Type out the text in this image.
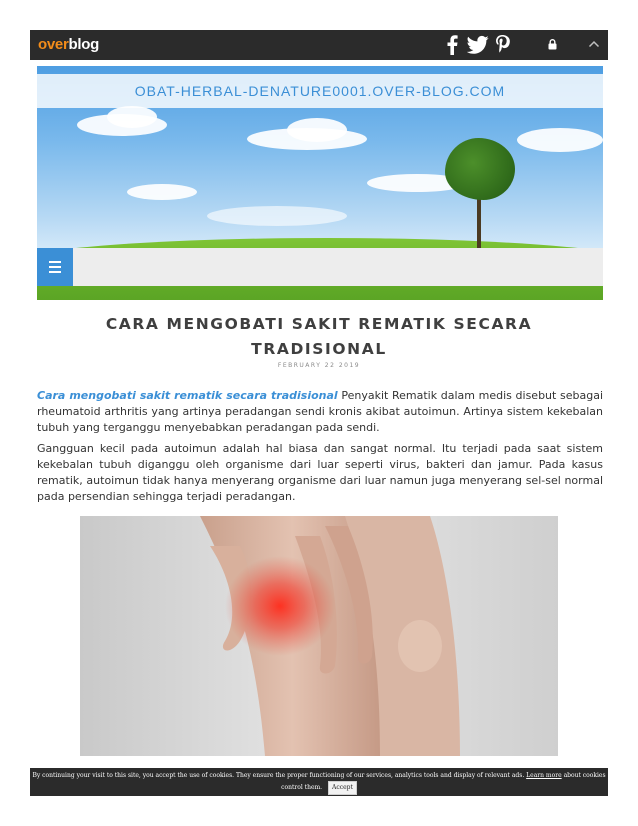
overblog
OBAT-HERBAL-DENATURE0001.OVER-BLOG.COM
CARA MENGOBATI SAKIT REMATIK SECARA TRADISIONAL
FEBRUARY 22 2019
Cara mengobati sakit rematik secara tradisional Penyakit Rematik dalam medis disebut sebagai rheumatoid arthritis yang artinya peradangan sendi kronis akibat autoimun. Artinya sistem kekebalan tubuh yang terganggu menyebabkan peradangan pada sendi.
Gangguan kecil pada autoimun adalah hal biasa dan sangat normal. Itu terjadi pada saat sistem kekebalan tubuh diganggu oleh organisme dari luar seperti virus, bakteri dan jamur. Pada kasus rematik, autoimun tidak hanya menyerang organisme dari luar namun juga menyerang sel-sel normal pada persendian sehingga terjadi peradangan.
By continuing your visit to this site, you accept the use of cookies. They ensure the proper functioning of our services, analytics tools and display of relevant ads. Learn more about cookies control them. Accept
